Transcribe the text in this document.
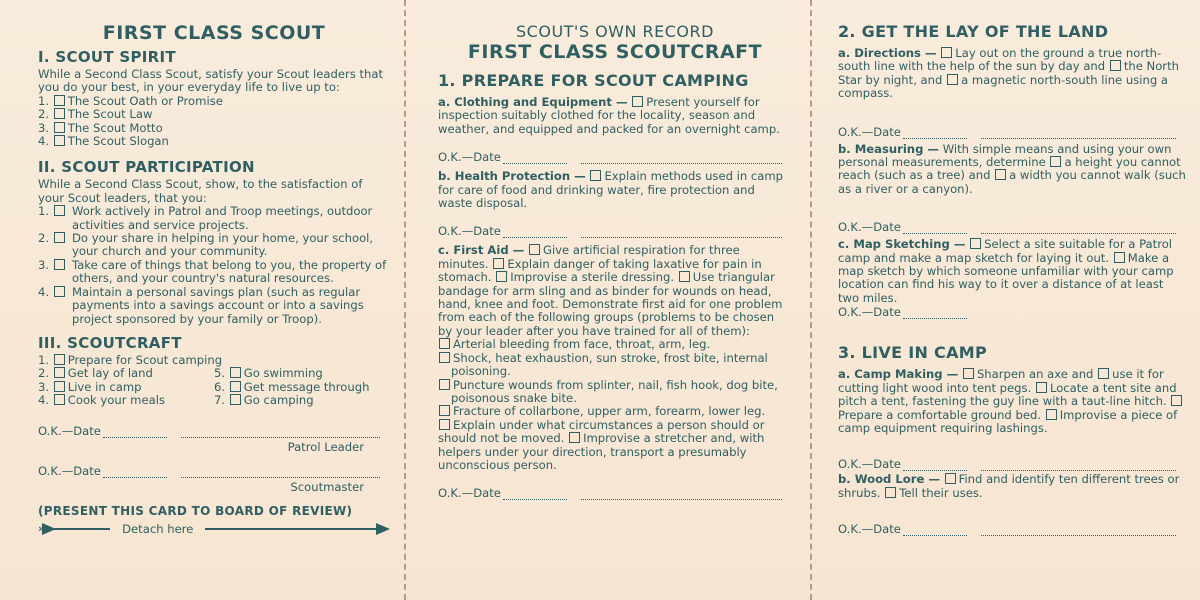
FIRST CLASS SCOUT
I. SCOUT SPIRIT

While a Second Class Scout, satisfy your Scout leaders that you do your best, in your everyday life to live up to:

1. The Scout Oath or Promise
2. The Scout Law
3. The Scout Motto
4. The Scout Slogan
II. SCOUT PARTICIPATION

While a Second Class Scout, show, to the satisfaction of your Scout leaders, that you:

1.	Work actively in Patrol and Troop meetings, outdoor activities and service projects.
2.	Do your share in helping in your home, your school, your church and your community.
3.	Take care of things that belong to you, the property of others, and your country's natural resources.
4.	Maintain a personal savings plan (such as regular payments into a savings account or into a savings project sponsored by your family or Troop).
III. SCOUTCRAFT
1. Prepare for Scout camping
2. Get lay of land	5. Go swimming
3. Live in camp	6. Get message through
4. Cook your meals	7. Go camping
O.K.—Date
Patrol Leader
O.K.—Date
Scoutmaster
(PRESENT THIS CARD TO BOARD OF REVIEW)
»	Detach here
SCOUT'S OWN RECORD
FIRST CLASS SCOUTCRAFT
1. PREPARE FOR SCOUT CAMPING

a. Clothing and Equipment — Present yourself for inspection suitably clothed for the locality, season and weather, and equipped and packed for an overnight camp.

O.K.—Date

b. Health Protection — Explain methods used in camp for care of food and drinking water, fire protection and waste disposal.

O.K.—Date

c. First Aid — Give artificial respiration for three minutes. Explain danger of taking laxative for pain in stomach. Improvise a sterile dressing. Use triangular bandage for arm sling and as binder for wounds on head, hand, knee and foot. Demonstrate first aid for one problem from each of the following groups (problems to be chosen by your leader after you have trained for all of them):

Arterial bleeding from face, throat, arm, leg.
Shock, heat exhaustion, sun stroke, frost bite, internal poisoning.
Puncture wounds from splinter, nail, fish hook, dog bite, poisonous snake bite.
Fracture of collarbone, upper arm, forearm, lower leg.

Explain under what circumstances a person should or should not be moved. Improvise a stretcher and, with helpers under your direction, transport a presumably unconscious person.

O.K.—Date
2. GET THE LAY OF THE LAND

a. Directions — Lay out on the ground a true north-south line with the help of the sun by day and the North Star by night, and a magnetic north-south line using a compass.

O.K.—Date

b. Measuring — With simple means and using your own personal measurements, determine a height you cannot reach (such as a tree) and a width you cannot walk (such as a river or a canyon).

O.K.—Date

c. Map Sketching — Select a site suitable for a Patrol camp and make a map sketch for laying it out. Make a map sketch by which someone unfamiliar with your camp location can find his way to it over a distance of at least two miles.

O.K.—Date
3. LIVE IN CAMP

a. Camp Making — Sharpen an axe and use it for cutting light wood into tent pegs. Locate a tent site and pitch a tent, fastening the guy line with a taut-line hitch. Prepare a comfortable ground bed. Improvise a piece of camp equipment requiring lashings.

O.K.—Date

b. Wood Lore — Find and identify ten different trees or shrubs. Tell their uses.

O.K.—Date
